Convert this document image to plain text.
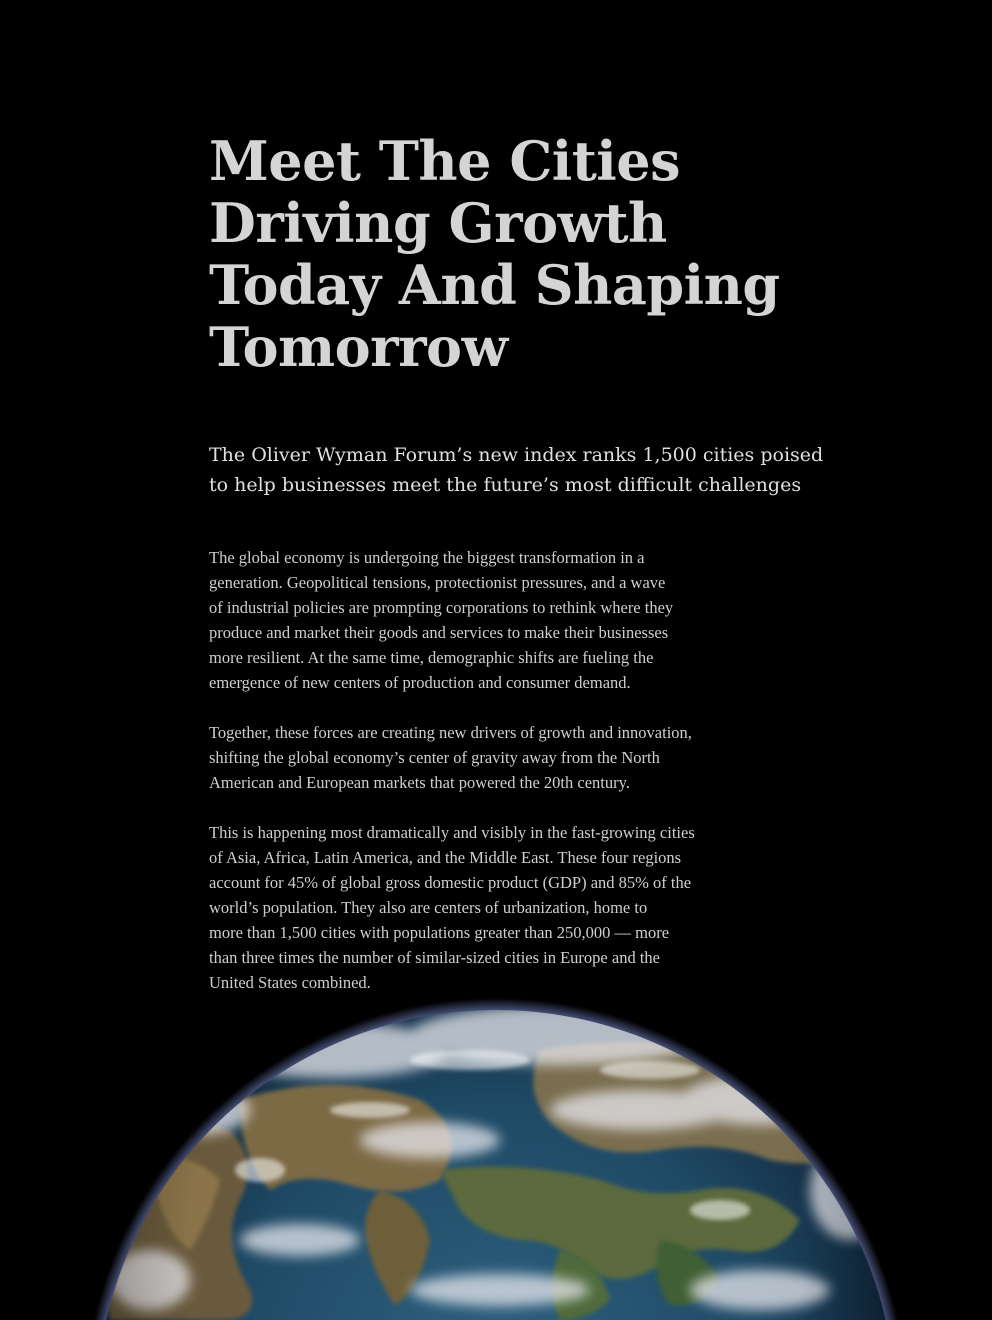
Meet The Cities
Driving Growth
Today And Shaping
Tomorrow

The Oliver Wyman Forum’s new index ranks 1,500 cities poised
to help businesses meet the future’s most difficult challenges

The global economy is undergoing the biggest transformation in a
generation. Geopolitical tensions, protectionist pressures, and a wave
of industrial policies are prompting corporations to rethink where they
produce and market their goods and services to make their businesses
more resilient. At the same time, demographic shifts are fueling the
emergence of new centers of production and consumer demand.

Together, these forces are creating new drivers of growth and innovation,
shifting the global economy’s center of gravity away from the North
American and European markets that powered the 20th century.

This is happening most dramatically and visibly in the fast-growing cities
of Asia, Africa, Latin America, and the Middle East. These four regions
account for 45% of global gross domestic product (GDP) and 85% of the
world’s population. They also are centers of urbanization, home to
more than 1,500 cities with populations greater than 250,000 — more
than three times the number of similar-sized cities in Europe and the
United States combined.
